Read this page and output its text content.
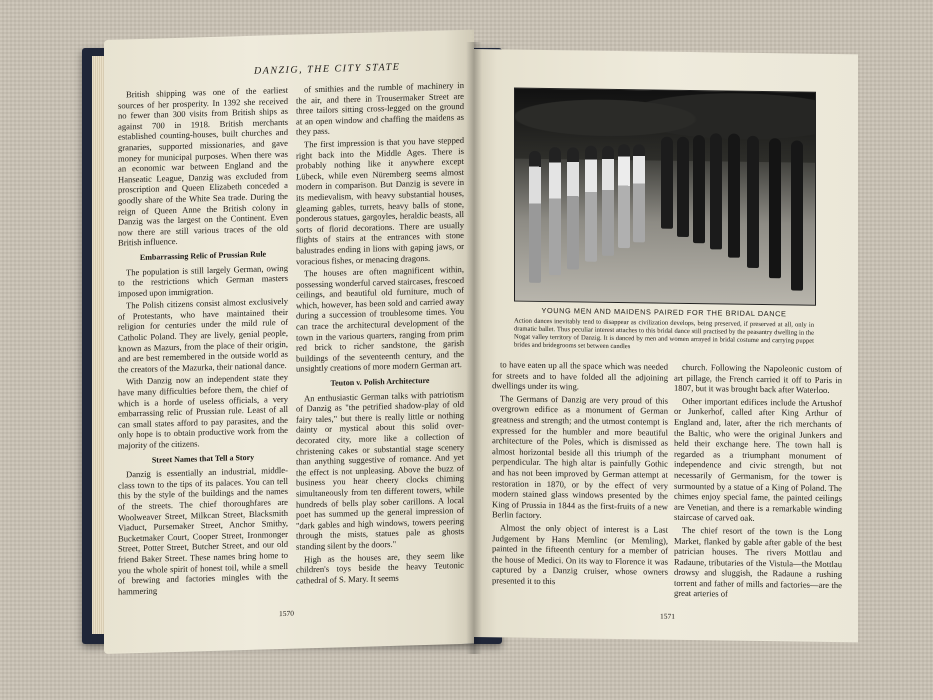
DANZIG, THE CITY STATE

British shipping was one of the earliest sources of her prosperity. In 1392 she received no fewer than 300 visits from British ships as against 700 in 1918. British merchants established counting-houses, built churches and granaries, supported missionaries, and gave money for municipal purposes. When there was an economic war between England and the Hanseatic League, Danzig was excluded from proscription and Queen Elizabeth conceded a goodly share of the White Sea trade. During the reign of Queen Anne the British colony in Danzig was the largest on the Continent. Even now there are still various traces of the old British influence.

Embarrassing Relic of Prussian Rule

The population is still largely German, owing to the restrictions which German masters imposed upon immigration.

The Polish citizens consist almost exclusively of Protestants, who have maintained their religion for centuries under the mild rule of Catholic Poland. They are lively, genial people, known as Mazurs, from the place of their origin, and are best remembered in the outside world as the creators of the Mazurka, their national dance.

With Danzig now an independent state they have many difficulties before them, the chief of which is a horde of useless officials, a very embarrassing relic of Prussian rule. Least of all can small states afford to pay parasites, and the only hope is to obtain productive work from the majority of the citizens.

Street Names that Tell a Story

Danzig is essentially an industrial, middle-class town to the tips of its palaces. You can tell this by the style of the buildings and the names of the streets. The chief thoroughfares are Woolweaver Street, Milkcan Street, Blacksmith Viaduct, Pursemaker Street, Anchor Smithy, Bucketmaker Court, Cooper Street, Ironmonger Street, Potter Street, Butcher Street, and our old friend Baker Street. These names bring home to you the whole spirit of honest toil, while a smell of brewing and factories mingles with the hammering

of smithies and the rumble of machinery in the air, and there in Trousermaker Street are three tailors sitting cross-legged on the ground at an open window and chaffing the maidens as they pass.

The first impression is that you have stepped right back into the Middle Ages. There is probably nothing like it anywhere except Lübeck, while even Nüremberg seems almost modern in comparison. But Danzig is severe in its medievalism, with heavy substantial houses, gleaming gables, turrets, heavy balls of stone, ponderous statues, gargoyles, heraldic beasts, all sorts of florid decorations. There are usually flights of stairs at the entrances with stone balustrades ending in lions with gaping jaws, or voracious fishes, or menacing dragons.

The houses are often magnificent within, possessing wonderful carved staircases, frescoed ceilings, and beautiful old furniture, much of which, however, has been sold and carried away during a succession of troublesome times. You can trace the architectural development of the town in the various quarters, ranging from prim red brick to richer sandstone, the garish buildings of the seventeenth century, and the unsightly creations of more modern German art.

Teuton v. Polish Architecture

An enthusiastic German talks with patriotism of Danzig as "the petrified shadow-play of old fairy tales," but there is really little or nothing dainty or mystical about this solid over-decorated city, more like a collection of christening cakes or substantial stage scenery than anything suggestive of romance. And yet the effect is not unpleasing. Above the buzz of business you hear cheery clocks chiming simultaneously from ten different towers, while hundreds of bells play sober carillons. A local poet has summed up the general impression of "dark gables and high windows, towers peering through the mists, statues pale as ghosts standing silent by the doors."

High as the houses are, they seem like children's toys beside the heavy Teutonic cathedral of S. Mary. It seems

1570
YOUNG MEN AND MAIDENS PAIRED FOR THE BRIDAL DANCE
Action dances inevitably tend to disappear as civilization develops, being preserved, if preserved at all, only in dramatic ballet. Thus peculiar interest attaches to this bridal dance still practised by the peasantry dwelling in the Nogat valley territory of Danzig. It is danced by men and women arrayed in bridal costume and carrying puppet brides and bridegrooms set between candles

to have eaten up all the space which was needed for streets and to have folded all the adjoining dwellings under its wing.

The Germans of Danzig are very proud of this overgrown edifice as a monument of German greatness and strength; and the utmost contempt is expressed for the humbler and more beautiful architecture of the Poles, which is dismissed as almost horizontal beside all this triumph of the perpendicular. The high altar is painfully Gothic and has not been improved by German attempt at restoration in 1870, or by the effect of very modern stained glass windows presented by the King of Prussia in 1844 as the first-fruits of a new Berlin factory.

Almost the only object of interest is a Last Judgement by Hans Memlinc (or Memling), painted in the fifteenth century for a member of the house of Medici. On its way to Florence it was captured by a Danzig cruiser, whose owners presented it to this

church. Following the Napoleonic custom of art pillage, the French carried it off to Paris in 1807, but it was brought back after Waterloo.

Other important edifices include the Artushof or Junkerhof, called after King Arthur of England and, later, after the rich merchants of the Baltic, who were the original Junkers and held their exchange here. The town hall is regarded as a triumphant monument of independence and civic strength, but not necessarily of Germanism, for the tower is surmounted by a statue of a King of Poland. The chimes enjoy special fame, the painted ceilings are Venetian, and there is a remarkable winding staircase of carved oak.

The chief resort of the town is the Long Market, flanked by gable after gable of the best patrician houses. The rivers Mottlau and Radaune, tributaries of the Vistula—the Mottlau drowsy and sluggish, the Radaune a rushing torrent and father of mills and factories—are the great arteries of

1571
